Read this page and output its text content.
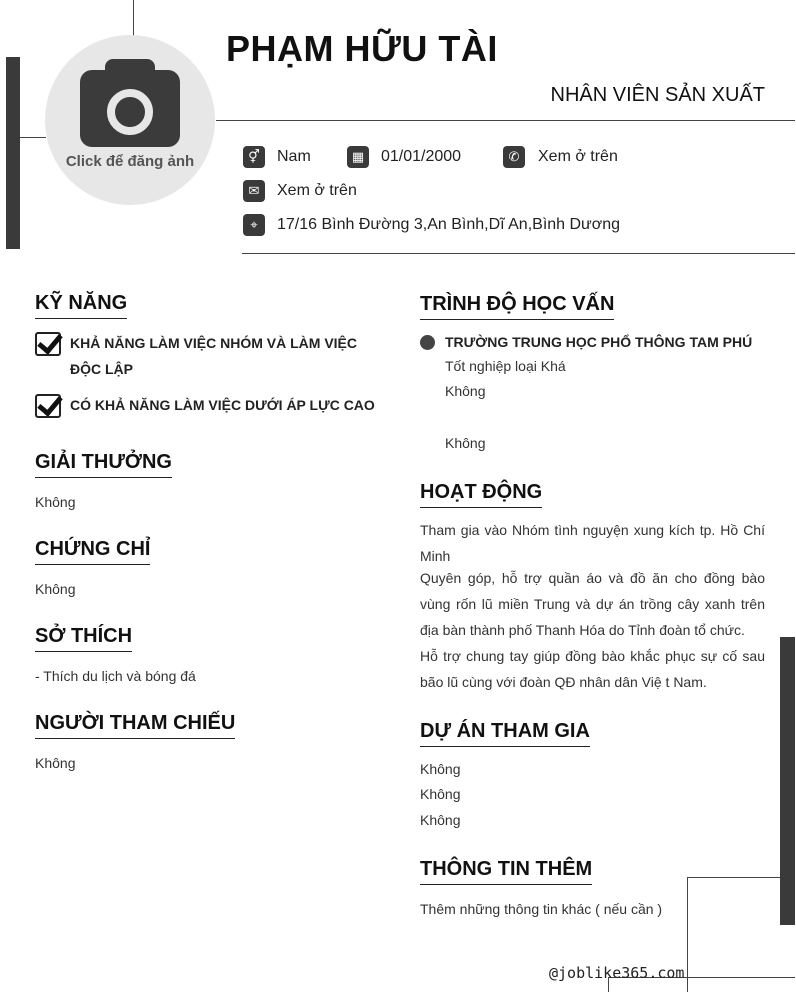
Click để đăng ảnh
PHẠM HỮU TÀI
NHÂN VIÊN SẢN XUẤT
⚥	Nam	▦	01/01/2000	✆	Xem ở trên
✉	Xem ở trên
⌖	17/16 Bình Đường 3,An Bình,Dĩ An,Bình Dương
KỸ NĂNG
KHẢ NĂNG LÀM VIỆC NHÓM VÀ LÀM VIỆC ĐỘC LẬP
CÓ KHẢ NĂNG LÀM VIỆC DƯỚI ÁP LỰC CAO
GIẢI THƯỞNG
Không
CHỨNG CHỈ
Không
SỞ THÍCH
- Thích du lịch và bóng đá
NGƯỜI THAM CHIẾU
Không
TRÌNH ĐỘ HỌC VẤN
TRƯỜNG TRUNG HỌC PHỔ THÔNG TAM PHÚ
Tốt nghiệp loại Khá
Không
Không
HOẠT ĐỘNG
Tham gia vào Nhóm tình nguyện xung kích tp. Hồ Chí Minh
Quyên góp, hỗ trợ quần áo và đồ ăn cho đồng bào vùng rốn lũ miền Trung và dự án trồng cây xanh trên địa bàn thành phố Thanh Hóa do Tỉnh đoàn tổ chức.
Hỗ trợ chung tay giúp đồng bào khắc phục sự cố sau bão lũ cùng với đoàn QĐ nhân dân Việ t Nam.
DỰ ÁN THAM GIA
Không
Không
Không
THÔNG TIN THÊM
Thêm những thông tin khác ( nếu cần )
@joblike365.com
